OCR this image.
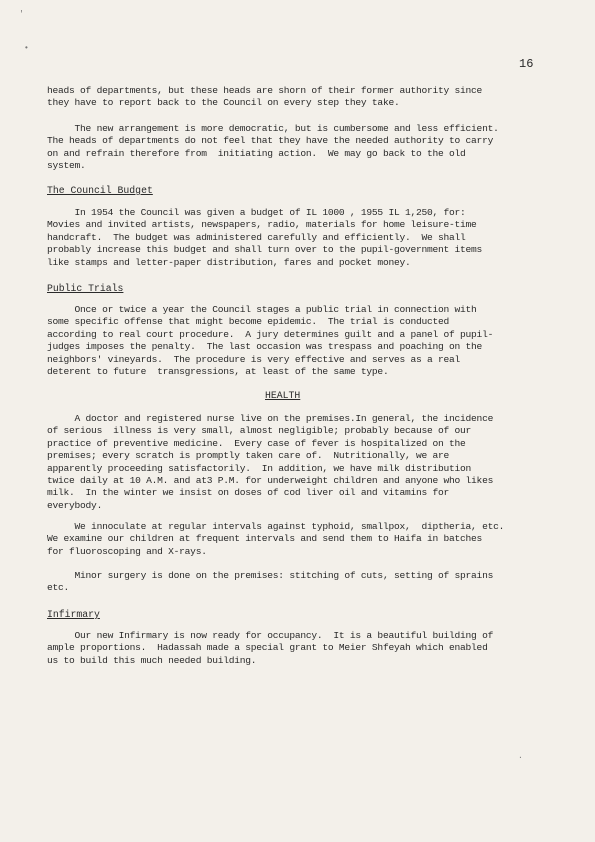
'
•
.
16

heads of departments, but these heads are shorn of their former authority since
they have to report back to the Council on every step they take.

The new arrangement is more democratic, but is cumbersome and less efficient.
The heads of departments do not feel that they have the needed authority to carry
on and refrain therefore from  initiating action.  We may go back to the old
system.

The Council Budget

In 1954 the Council was given a budget of IL 1000 , 1955 IL 1,250, for:
Movies and invited artists, newspapers, radio, materials for home leisure-time
handcraft.  The budget was administered carefully and efficiently.  We shall
probably increase this budget and shall turn over to the pupil-government items
like stamps and letter-paper distribution, fares and pocket money.

Public Trials

Once or twice a year the Council stages a public trial in connection with
some specific offense that might become epidemic.  The trial is conducted
according to real court procedure.  A jury determines guilt and a panel of pupil-
judges imposes the penalty.  The last occasion was trespass and poaching on the
neighbors' vineyards.  The procedure is very effective and serves as a real
deterent to future  transgressions, at least of the same type.

HEALTH

A doctor and registered nurse live on the premises.In general, the incidence
of serious  illness is very small, almost negligible; probably because of our
practice of preventive medicine.  Every case of fever is hospitalized on the
premises; every scratch is promptly taken care of.  Nutritionally, we are
apparently proceeding satisfactorily.  In addition, we have milk distribution
twice daily at 10 A.M. and at3 P.M. for underweight children and anyone who likes
milk.  In the winter we insist on doses of cod liver oil and vitamins for
everybody.

We innoculate at regular intervals against typhoid, smallpox,  diptheria, etc.
We examine our children at frequent intervals and send them to Haifa in batches
for fluoroscoping and X-rays.

Minor surgery is done on the premises: stitching of cuts, setting of sprains
etc.

Infirmary

Our new Infirmary is now ready for occupancy.  It is a beautiful building of
ample proportions.  Hadassah made a special grant to Meier Shfeyah which enabled
us to build this much needed building.
